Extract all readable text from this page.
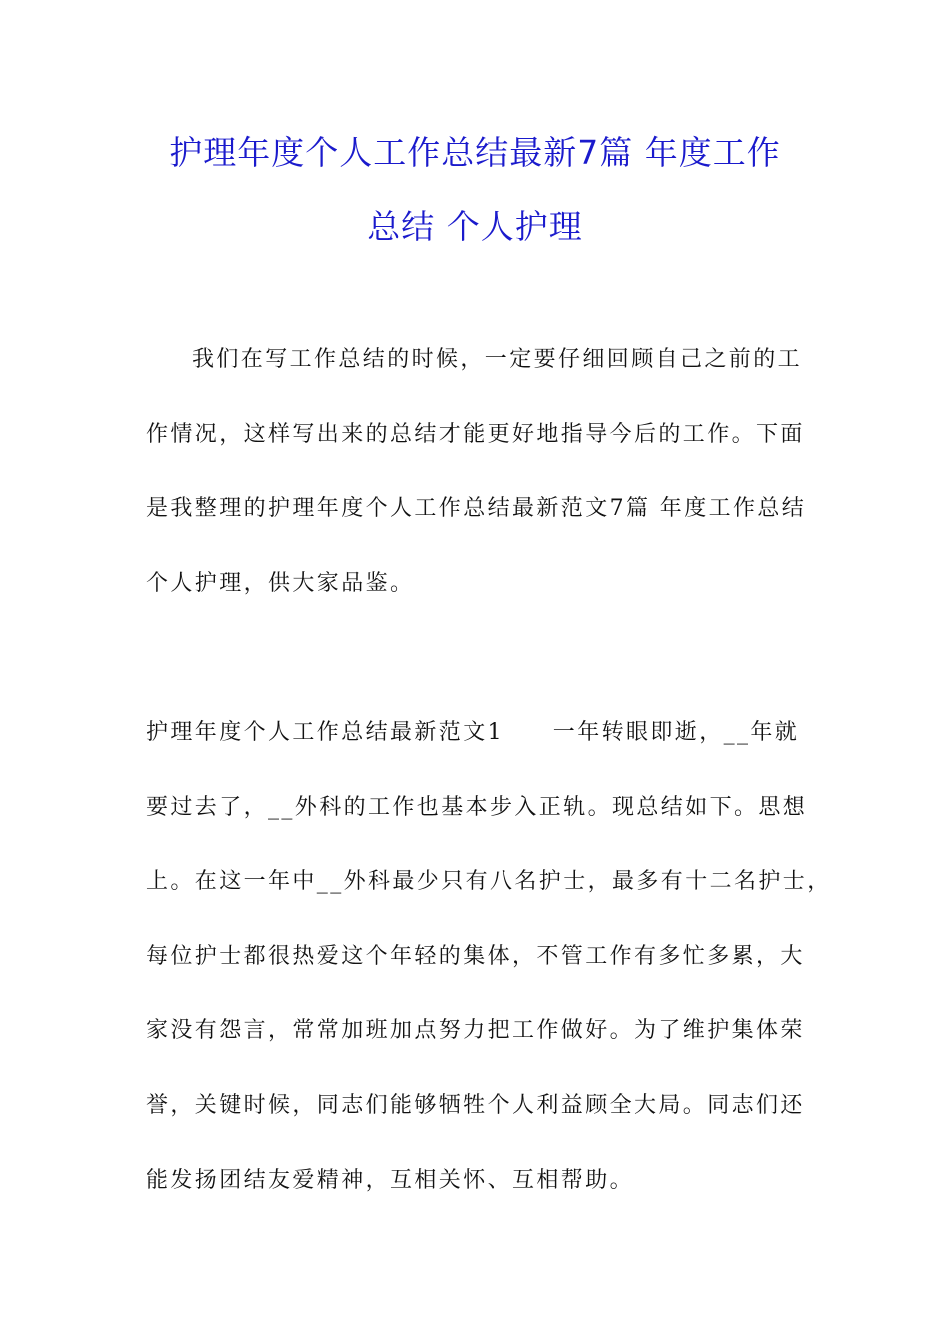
护理年度个人工作总结最新7篇 年度工作
总结 个人护理
我们在写工作总结的时候，一定要仔细回顾自己之前的工
作情况，这样写出来的总结才能更好地指导今后的工作。下面
是我整理的护理年度个人工作总结最新范文7篇 年度工作总结
个人护理，供大家品鉴。
护理年度个人工作总结最新范文1　　一年转眼即逝，__年就
要过去了，__外科的工作也基本步入正轨。现总结如下。思想
上。在这一年中__外科最少只有八名护士，最多有十二名护士，
每位护士都很热爱这个年轻的集体，不管工作有多忙多累，大
家没有怨言，常常加班加点努力把工作做好。为了维护集体荣
誉，关键时候，同志们能够牺牲个人利益顾全大局。同志们还
能发扬团结友爱精神，互相关怀、互相帮助。
